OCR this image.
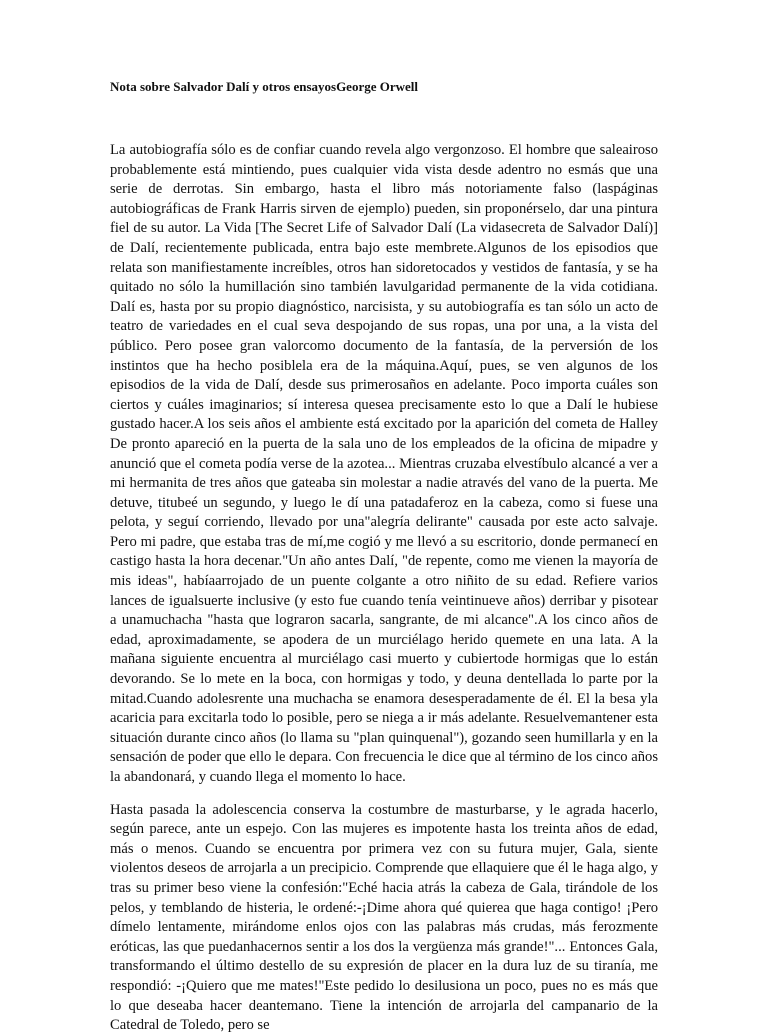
Nota sobre Salvador Dalí y otros ensayosGeorge Orwell

La autobiografía sólo es de confiar cuando revela algo vergonzoso. El hombre que saleairoso probablemente está mintiendo, pues cualquier vida vista desde adentro no esmás que una serie de derrotas. Sin embargo, hasta el libro más notoriamente falso (laspáginas autobiográficas de Frank Harris sirven de ejemplo) pueden, sin proponérselo, dar una pintura fiel de su autor. La Vida [The Secret Life of Salvador Dalí (La vidasecreta de Salvador Dalí)] de Dalí, recientemente publicada, entra bajo este membrete.Algunos de los episodios que relata son manifiestamente increíbles, otros han sidoretocados y vestidos de fantasía, y se ha quitado no sólo la humillación sino también lavulgaridad permanente de la vida cotidiana. Dalí es, hasta por su propio diagnóstico, narcisista, y su autobiografía es tan sólo un acto de teatro de variedades en el cual seva despojando de sus ropas, una por una, a la vista del público. Pero posee gran valorcomo documento de la fantasía, de la perversión de los instintos que ha hecho posiblela era de la máquina.Aquí, pues, se ven algunos de los episodios de la vida de Dalí, desde sus primerosaños en adelante. Poco importa cuáles son ciertos y cuáles imaginarios; sí interesa quesea precisamente esto lo que a Dalí le hubiese gustado hacer.A los seis años el ambiente está excitado por la aparición del cometa de Halley De pronto apareció en la puerta de la sala uno de los empleados de la oficina de mipadre y anunció que el cometa podía verse de la azotea... Mientras cruzaba elvestíbulo alcancé a ver a mi hermanita de tres años que gateaba sin molestar a nadie através del vano de la puerta. Me detuve, titubeé un segundo, y luego le dí una patadaferoz en la cabeza, como si fuese una pelota, y seguí corriendo, llevado por una"alegría delirante" causada por este acto salvaje. Pero mi padre, que estaba tras de mí,me cogió y me llevó a su escritorio, donde permanecí en castigo hasta la hora decenar."Un año antes Dalí, "de repente, como me vienen la mayoría de mis ideas", habíaarrojado de un puente colgante a otro niñito de su edad. Refiere varios lances de igualsuerte inclusive (y esto fue cuando tenía veintinueve años) derribar y pisotear a unamuchacha "hasta que lograron sacarla, sangrante, de mi alcance".A los cinco años de edad, aproximadamente, se apodera de un murciélago herido quemete en una lata. A la mañana siguiente encuentra al murciélago casi muerto y cubiertode hormigas que lo están devorando. Se lo mete en la boca, con hormigas y todo, y deuna dentellada lo parte por la mitad.Cuando adolesrente una muchacha se enamora desesperadamente de él. El la besa yla acaricia para excitarla todo lo posible, pero se niega a ir más adelante. Resuelvemantener esta situación durante cinco años (lo llama su "plan quinquenal"), gozando seen humillarla y en la sensación de poder que ello le depara. Con frecuencia le dice que al término de los cinco años la abandonará, y cuando llega el momento lo hace.

Hasta pasada la adolescencia conserva la costumbre de masturbarse, y le agrada hacerlo, según parece, ante un espejo. Con las mujeres es impotente hasta los treinta años de edad, más o menos. Cuando se encuentra por primera vez con su futura mujer, Gala, siente violentos deseos de arrojarla a un precipicio. Comprende que ellaquiere que él le haga algo, y tras su primer beso viene la confesión:"Eché hacia atrás la cabeza de Gala, tirándole de los pelos, y temblando de histeria, le ordené:-¡Dime ahora qué quierea que haga contigo! ¡Pero dímelo lentamente, mirándome enlos ojos con las palabras más crudas, más ferozmente eróticas, las que puedanhacernos sentir a los dos la vergüenza más grande!"... Entonces Gala, transformando el último destello de su expresión de placer en la dura luz de su tiranía, me respondió: -¡Quiero que me mates!"Este pedido lo desilusiona un poco, pues no es más que lo que deseaba hacer deantemano. Tiene la intención de arrojarla del campanario de la Catedral de Toledo, pero se
